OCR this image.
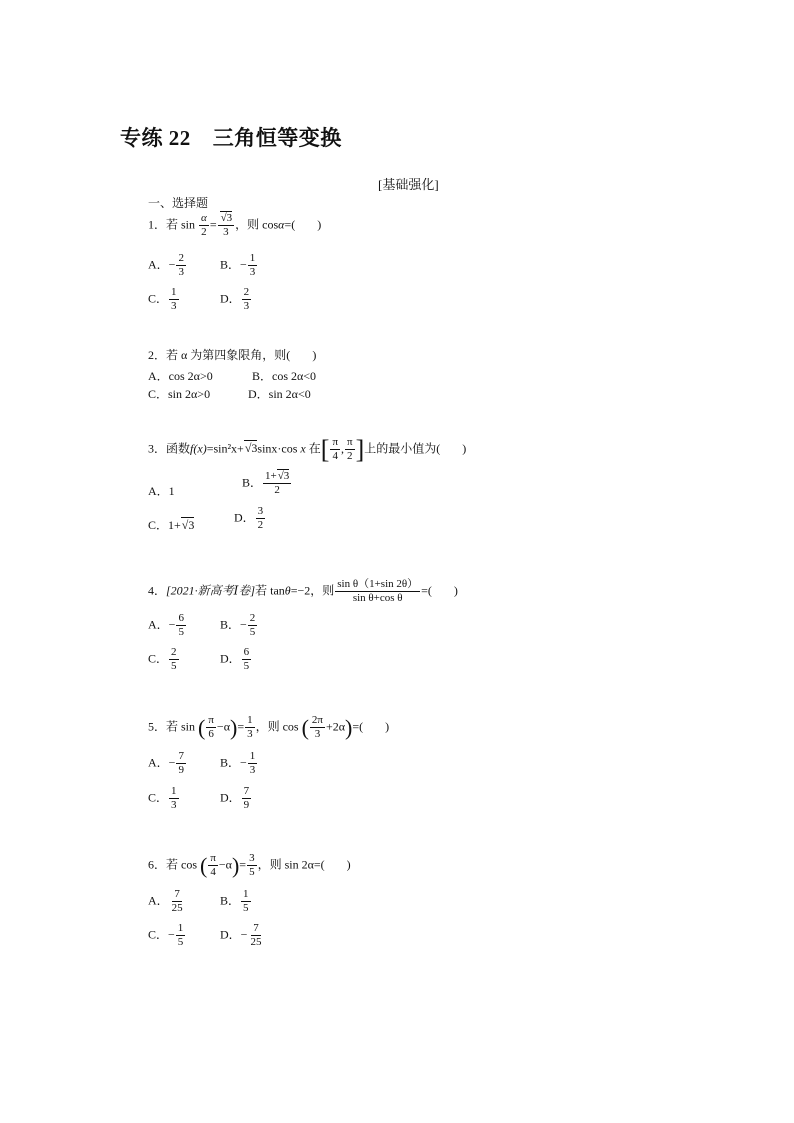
专练 22 三角恒等变换
[基础强化]
一、选择题
1．若 $\sin \frac{\alpha}{2}$ = √ $\frac{3}{3}$ ，则 cosα=( )
A．− $\frac{2}{3}$	B．− $\frac{1}{3}$
C． $\frac{1}{3}$	D． $\frac{2}{3}$
2．若 α 为第四象限角，则( )
A．cos 2α>0	B．cos 2α<0
C．sin 2α>0	D．sin 2α<0
3．函数f(x)=sin²x+ √ 3sinx·cos x 在[ $\frac{\pi}{4}$ , $\frac{\pi}{2}$ ]上的最小值为( )
A．1
B． $\frac{1+ √ 3}{2}$
C．1+ √ 3
D． $\frac{3}{2}$
4．[2021·新高考Ⅰ卷]若 tanθ=−2，则 $\frac{\text{sin θ（1+sin 2θ）}}{\text{sin θ+cos θ}}$ =( )
A．− $\frac{6}{5}$	B．− $\frac{2}{5}$
C． $\frac{2}{5}$	D． $\frac{6}{5}$
5．若 sin ( $\frac{\pi}{6} -\alpha)= \frac{1}{3}$ ，则 cos ( $\frac{2\pi}{3} +2\alpha)=$( )
A．− $\frac{7}{9}$	B．− $\frac{1}{3}$
C． $\frac{1}{3}$	D． $\frac{7}{9}$
6．若 cos ( $\frac{\pi}{4} -\alpha)= \frac{3}{5}$ ，则 sin 2α=( )
A． $\frac{7}{25}$	B． $\frac{1}{5}$
C．− $\frac{1}{5}$	D．− $\frac{7}{25}$
